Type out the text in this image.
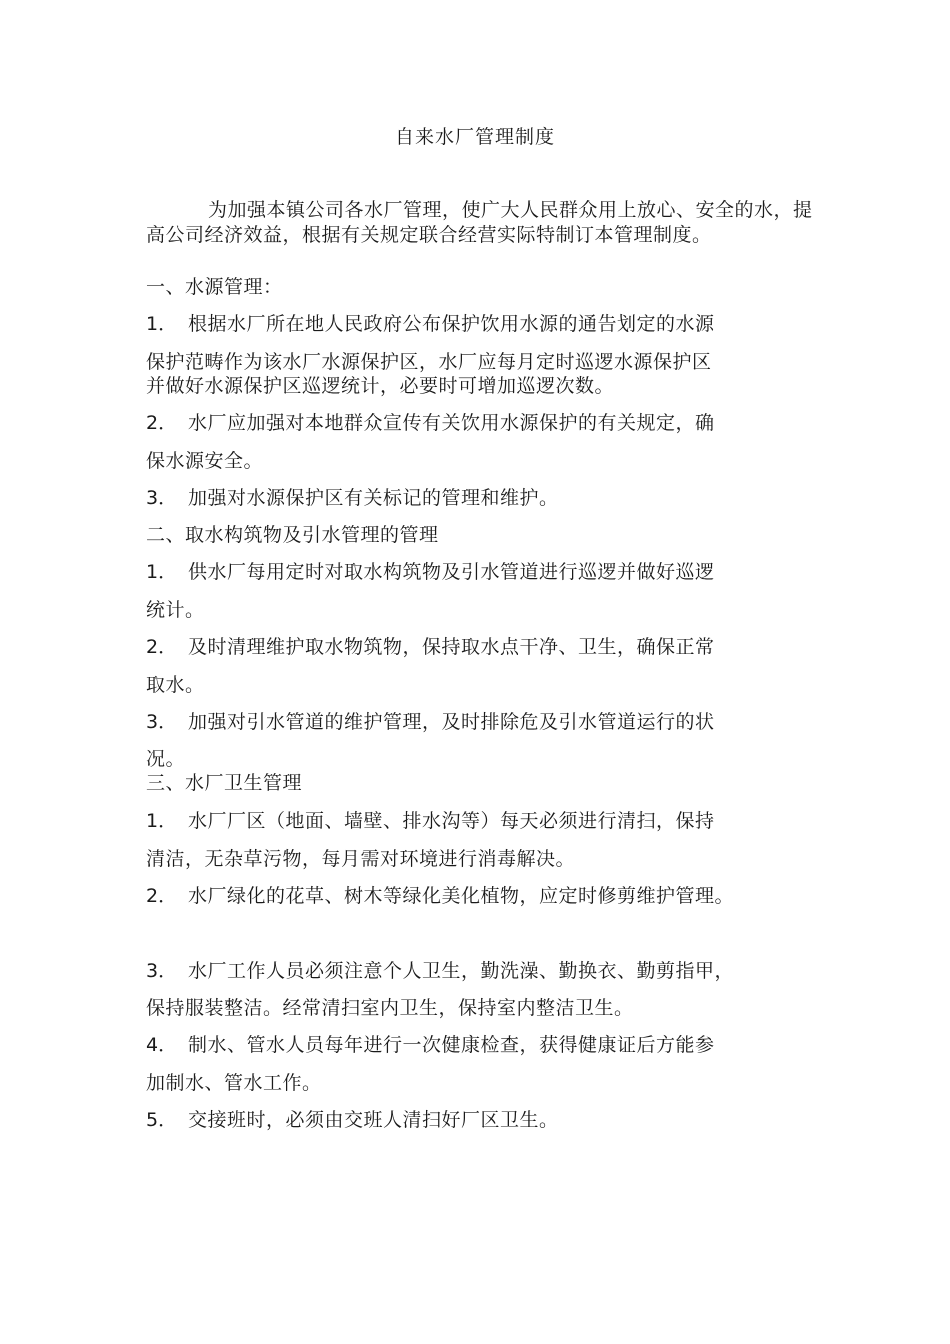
自来水厂管理制度
为加强本镇公司各水厂管理，使广大人民群众用上放心、安全的水，提高公司经济效益，根据有关规定联合经营实际特制订本管理制度。
一、水源管理：
1． 根据水厂所在地人民政府公布保护饮用水源的通告划定的水源
保护范畴作为该水厂水源保护区，水厂应每月定时巡逻水源保护区
并做好水源保护区巡逻统计，必要时可增加巡逻次数。
2． 水厂应加强对本地群众宣传有关饮用水源保护的有关规定，确
保水源安全。
3． 加强对水源保护区有关标记的管理和维护。
二、取水构筑物及引水管理的管理
1． 供水厂每用定时对取水构筑物及引水管道进行巡逻并做好巡逻
统计。
2． 及时清理维护取水物筑物，保持取水点干净、卫生，确保正常
取水。
3． 加强对引水管道的维护管理，及时排除危及引水管道运行的状
况。
三、水厂卫生管理
1． 水厂厂区（地面、墙壁、排水沟等）每天必须进行清扫，保持
清洁，无杂草污物，每月需对环境进行消毒解决。
2． 水厂绿化的花草、树木等绿化美化植物，应定时修剪维护管理。
3． 水厂工作人员必须注意个人卫生，勤洗澡、勤换衣、勤剪指甲，
保持服装整洁。经常清扫室内卫生，保持室内整洁卫生。
4． 制水、管水人员每年进行一次健康检查，获得健康证后方能参
加制水、管水工作。
5． 交接班时，必须由交班人清扫好厂区卫生。
